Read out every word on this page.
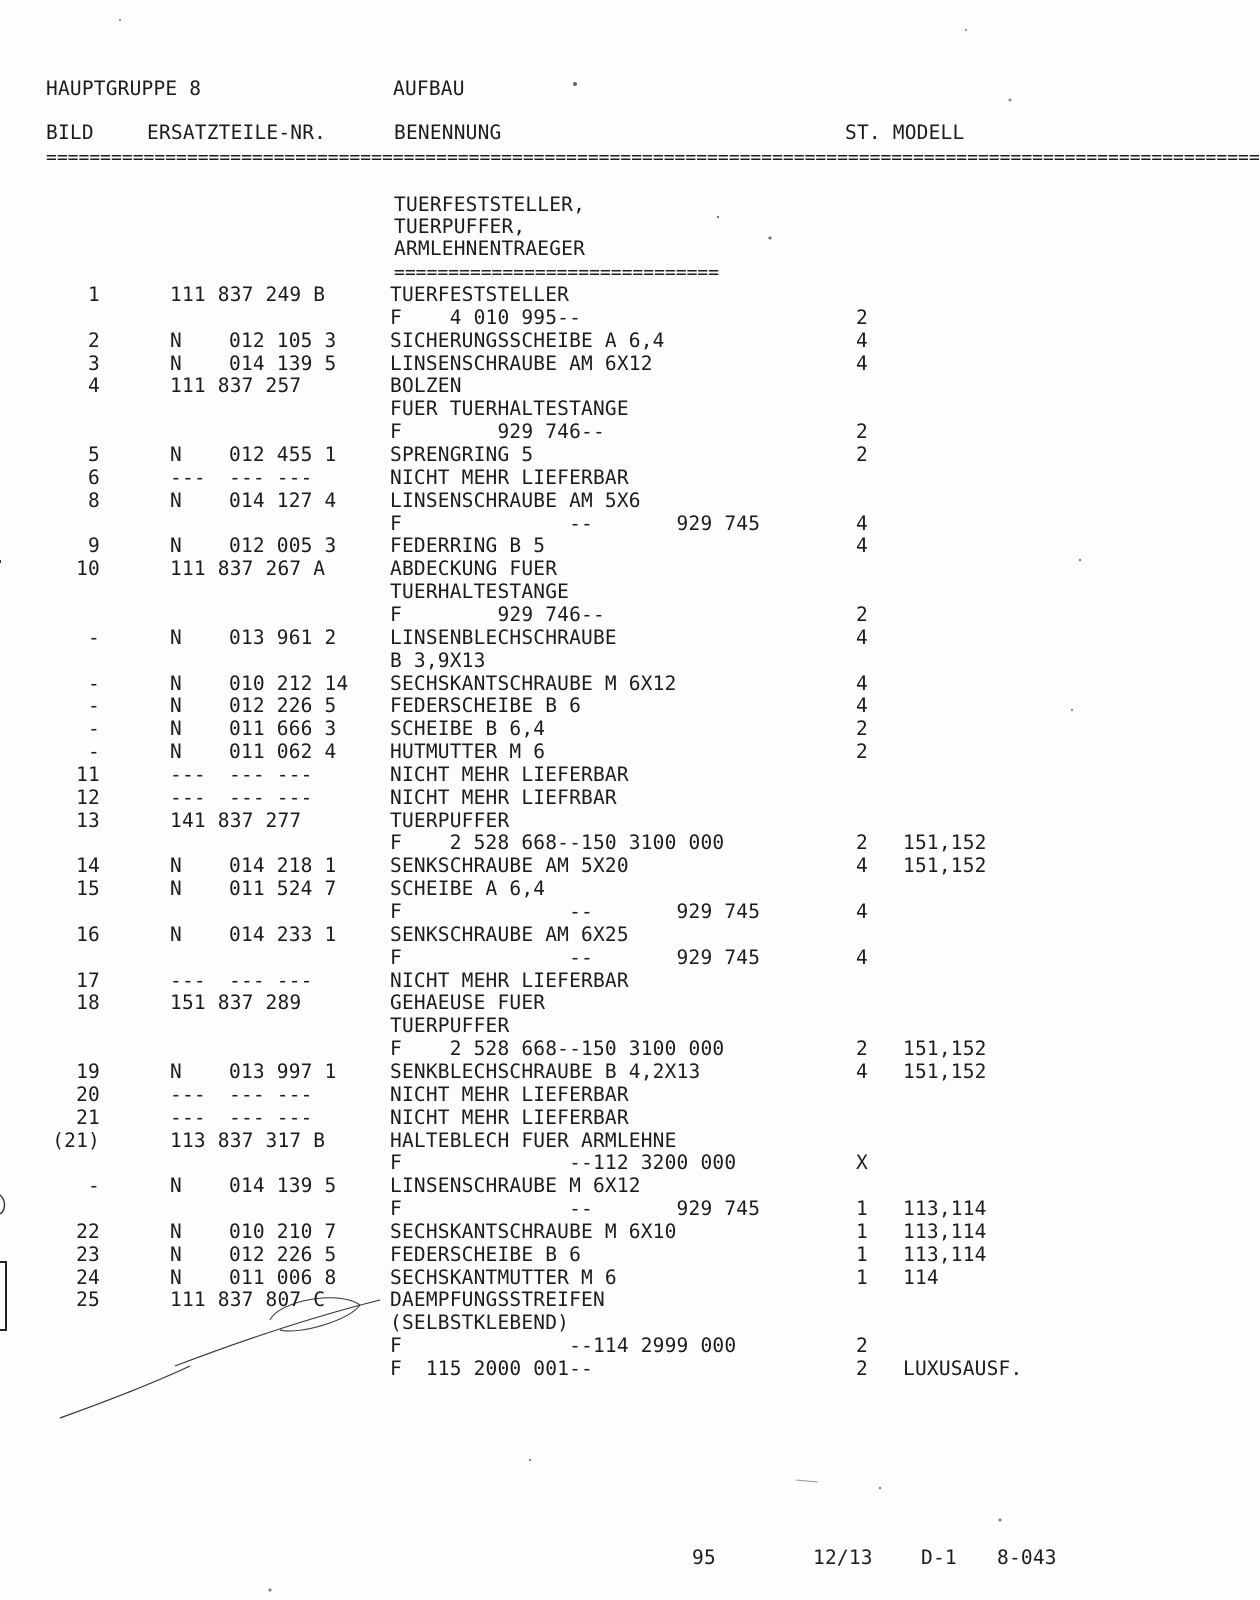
HAUPTGRUPPE 8	AUFBAU
BILD	ERSATZTEILE-NR.	BENENNUNG	ST. MODELL
================================================================================================================
TUERFESTSTELLER,
TUERPUFFER,
ARMLEHNENTRAEGER
==============================
1	111 837 249 B	TUERFESTSTELLER
F    4 010 995--	2
2	N	012 105 3	SICHERUNGSSCHEIBE A 6,4	4
3	N	014 139 5	LINSENSCHRAUBE AM 6X12	4
4	111 837 257	BOLZEN
FUER TUERHALTESTANGE
F        929 746--	2
5	N	012 455 1	SPRENGRING 5	2
6	--- --- ---	NICHT MEHR LIEFERBAR
8	N	014 127 4	LINSENSCHRAUBE AM 5X6
F              --       929 745	4
9	N	012 005 3	FEDERRING B 5	4
10	111 837 267 A	ABDECKUNG FUER
TUERHALTESTANGE
F        929 746--	2
-	N	013 961 2	LINSENBLECHSCHRAUBE	4
B 3,9X13
-	N	010 212 14	SECHSKANTSCHRAUBE M 6X12	4
-	N	012 226 5	FEDERSCHEIBE B 6	4
-	N	011 666 3	SCHEIBE B 6,4	2
-	N	011 062 4	HUTMUTTER M 6	2
11	--- --- ---	NICHT MEHR LIEFERBAR
12	--- --- ---	NICHT MEHR LIEFRBAR
13	141 837 277	TUERPUFFER
F    2 528 668--150 3100 000	2	151,152
14	N	014 218 1	SENKSCHRAUBE AM 5X20	4	151,152
15	N	011 524 7	SCHEIBE A 6,4
F              --       929 745	4
16	N	014 233 1	SENKSCHRAUBE AM 6X25
F              --       929 745	4
17	--- --- ---	NICHT MEHR LIEFERBAR
18	151 837 289	GEHAEUSE FUER
TUERPUFFER
F    2 528 668--150 3100 000	2	151,152
19	N	013 997 1	SENKBLECHSCHRAUBE B 4,2X13	4	151,152
20	--- --- ---	NICHT MEHR LIEFERBAR
21	--- --- ---	NICHT MEHR LIEFERBAR
(21)	113 837 317 B	HALTEBLECH FUER ARMLEHNE
F              --112 3200 000	X
-	N	014 139 5	LINSENSCHRAUBE M 6X12
F              --       929 745	1	113,114
22	N	010 210 7	SECHSKANTSCHRAUBE M 6X10	1	113,114
23	N	012 226 5	FEDERSCHEIBE B 6	1	113,114
24	N	011 006 8	SECHSKANTMUTTER M 6	1	114
25	111 837 807 C	DAEMPFUNGSSTREIFEN
(SELBSTKLEBEND)
F              --114 2999 000	2
F  115 2000 001--	2	LUXUSAUSF.
95	12/13 D-1 8-043
